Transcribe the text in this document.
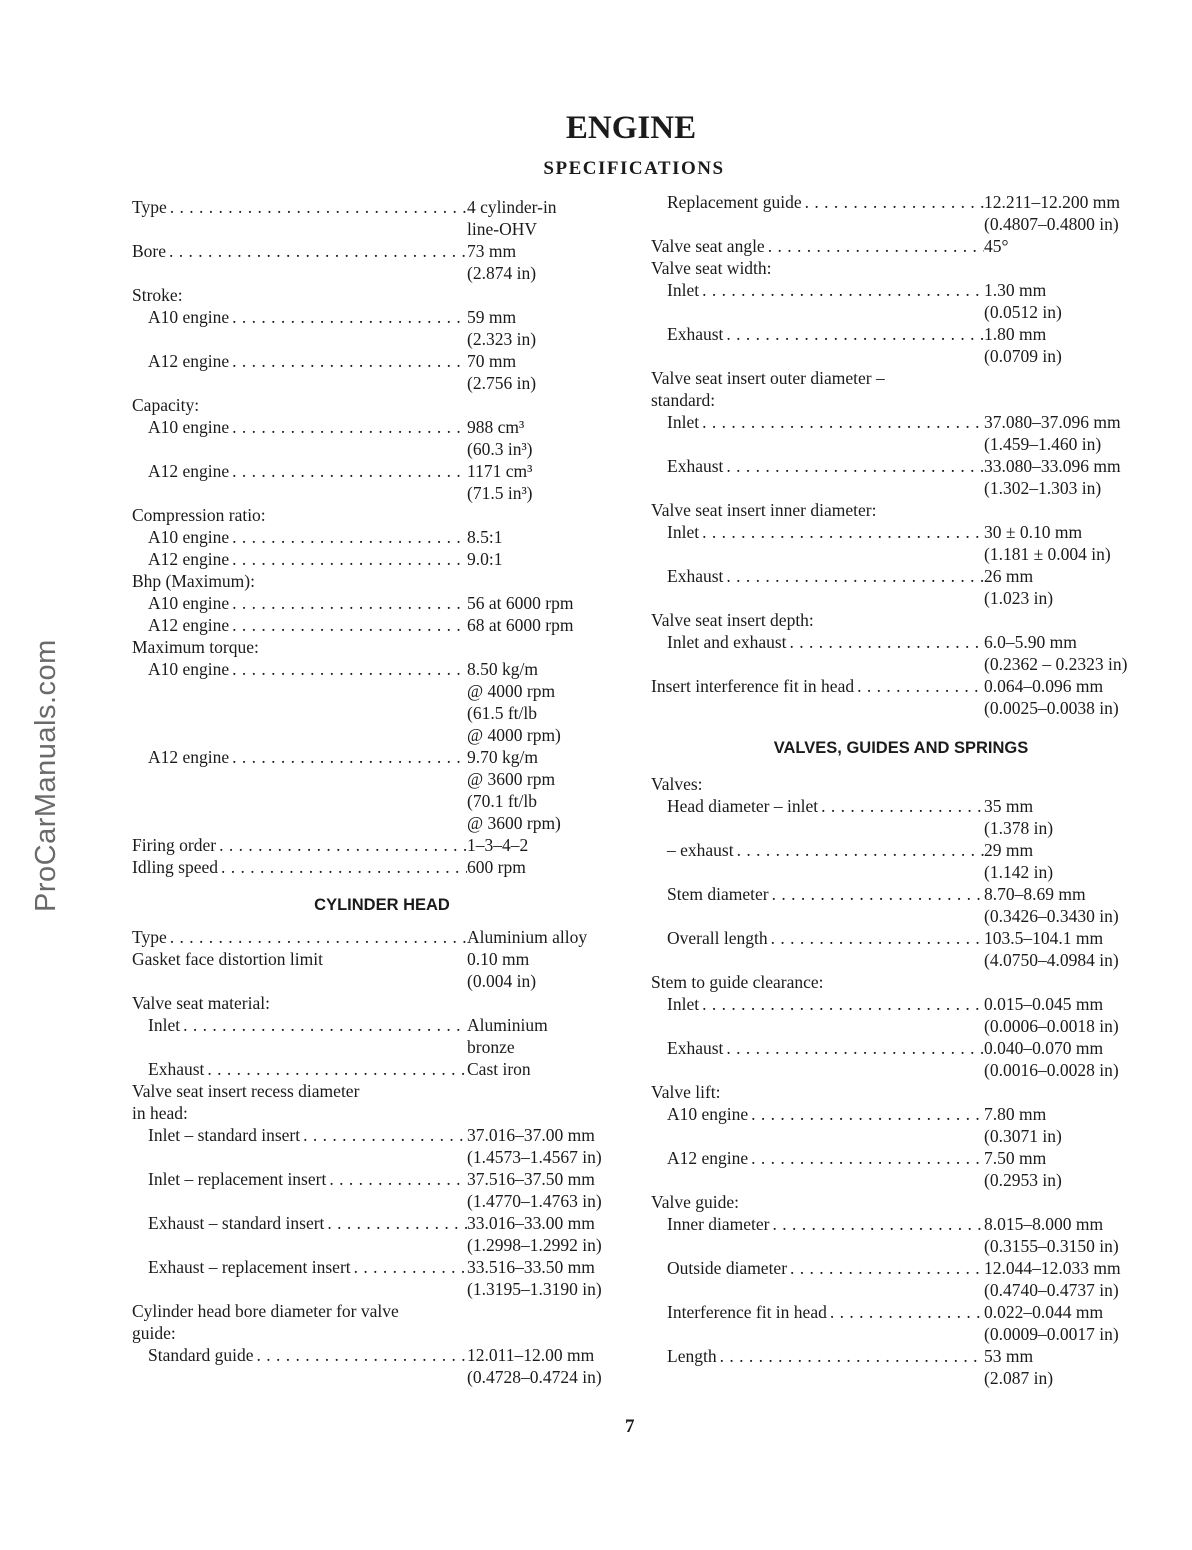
ProCarManuals.com
ENGINE
SPECIFICATIONS
Type . . .	4 cylinder-in
line-OHV
Bore . . .	73 mm
(2.874 in)
Stroke:
A10 engine . . .	59 mm
(2.323 in)
A12 engine . . .	70 mm
(2.756 in)
Capacity:
A10 engine . . .	988 cm³
(60.3 in³)
A12 engine . . .	1171 cm³
(71.5 in³)
Compression ratio:
A10 engine . . .	8.5:1
A12 engine . . .	9.0:1
Bhp (Maximum):
A10 engine . . .	56 at 6000 rpm
A12 engine . . .	68 at 6000 rpm
Maximum torque:
A10 engine . . .	8.50 kg/m
@ 4000 rpm
(61.5 ft/lb
@ 4000 rpm)
A12 engine . . .	9.70 kg/m
@ 3600 rpm
(70.1 ft/lb
@ 3600 rpm)
Firing order . . .	1–3–4–2
Idling speed . . .	600 rpm
CYLINDER HEAD
Type . . .	Aluminium alloy
Gasket face distortion limit	0.10 mm
(0.004 in)
Valve seat material:
Inlet . . .	Aluminium
bronze
Exhaust . . .	Cast iron
Valve seat insert recess diameter
in head:
Inlet – standard insert . . .	37.016–37.00 mm
(1.4573–1.4567 in)
Inlet – replacement insert . . .	37.516–37.50 mm
(1.4770–1.4763 in)
Exhaust – standard insert . . .	33.016–33.00 mm
(1.2998–1.2992 in)
Exhaust – replacement insert . . .	33.516–33.50 mm
(1.3195–1.3190 in)
Cylinder head bore diameter for valve
guide:
Standard guide . . .	12.011–12.00 mm
(0.4728–0.4724 in)
Replacement guide . . .	12.211–12.200 mm
(0.4807–0.4800 in)
Valve seat angle . . .	45°
Valve seat width:
Inlet . . .	1.30 mm
(0.0512 in)
Exhaust . . .	1.80 mm
(0.0709 in)
Valve seat insert outer diameter –
standard:
Inlet . . .	37.080–37.096 mm
(1.459–1.460 in)
Exhaust . . .	33.080–33.096 mm
(1.302–1.303 in)
Valve seat insert inner diameter:
Inlet . . .	30 ± 0.10 mm
(1.181 ± 0.004 in)
Exhaust . . .	26 mm
(1.023 in)
Valve seat insert depth:
Inlet and exhaust . . .	6.0–5.90 mm
(0.2362 – 0.2323 in)
Insert interference fit in head . . .	0.064–0.096 mm
(0.0025–0.0038 in)
VALVES, GUIDES AND SPRINGS
Valves:
Head diameter – inlet . . .	35 mm
(1.378 in)
– exhaust . . .	29 mm
(1.142 in)
Stem diameter . . .	8.70–8.69 mm
(0.3426–0.3430 in)
Overall length . . .	103.5–104.1 mm
(4.0750–4.0984 in)
Stem to guide clearance:
Inlet . . .	0.015–0.045 mm
(0.0006–0.0018 in)
Exhaust . . .	0.040–0.070 mm
(0.0016–0.0028 in)
Valve lift:
A10 engine . . .	7.80 mm
(0.3071 in)
A12 engine . . .	7.50 mm
(0.2953 in)
Valve guide:
Inner diameter . . .	8.015–8.000 mm
(0.3155–0.3150 in)
Outside diameter . . .	12.044–12.033 mm
(0.4740–0.4737 in)
Interference fit in head . . .	0.022–0.044 mm
(0.0009–0.0017 in)
Length . . .	53 mm
(2.087 in)
7
